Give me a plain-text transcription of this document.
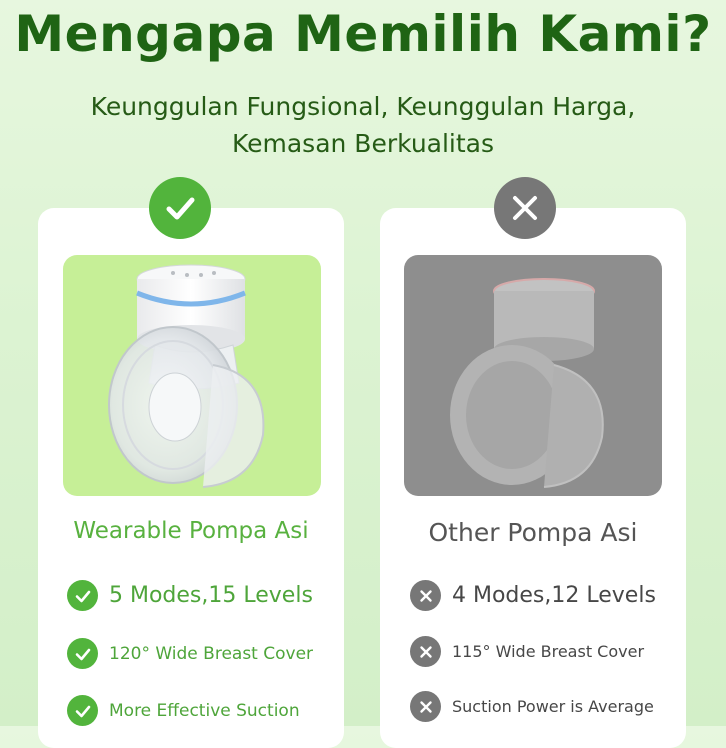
Mengapa Memilih Kami?
Keunggulan Fungsional, Keunggulan Harga,
Kemasan Berkualitas
Wearable Pompa Asi	Other Pompa Asi
5 Modes,15 Levels
120° Wide Breast Cover
More Effective Suction
4 Modes,12 Levels
115° Wide Breast Cover
Suction Power is Average
